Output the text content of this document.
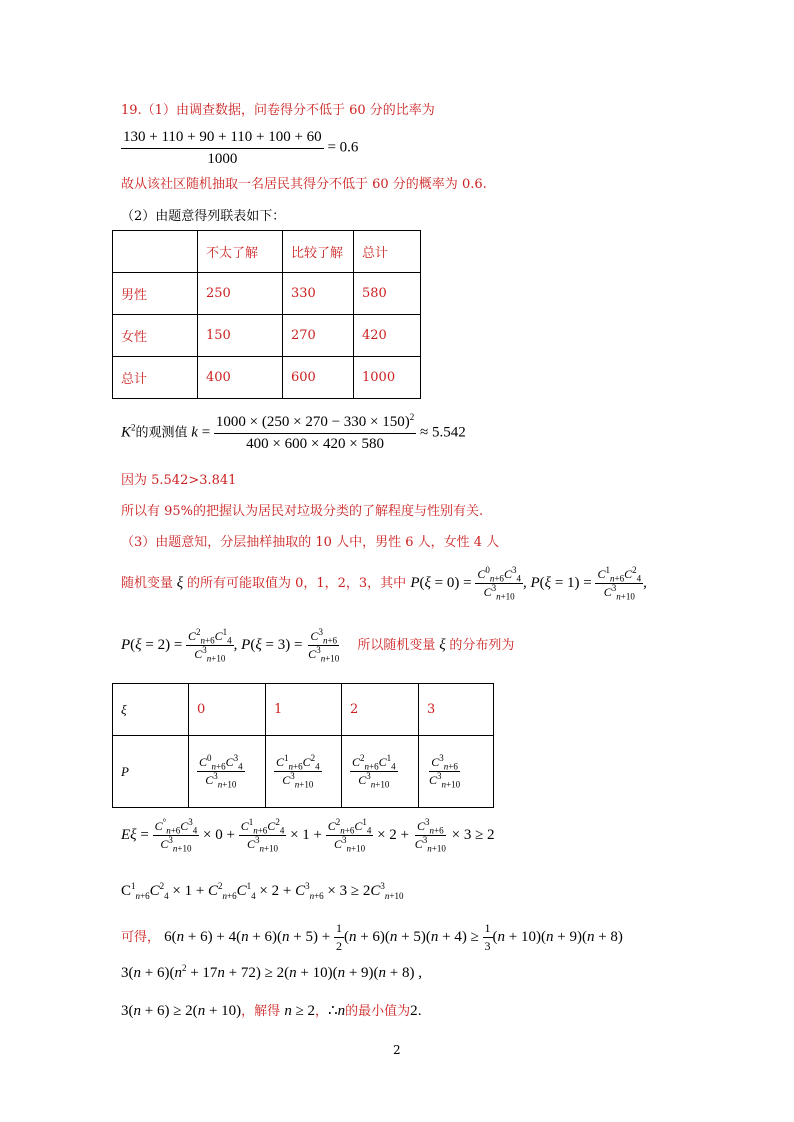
19.（1）由调查数据，问卷得分不低于 60 分的比率为
$\frac{130 + 110 + 90 + 110 + 100 + 60}{1000} = 0.6$
故从该社区随机抽取一名居民其得分不低于 60 分的概率为 0.6.
（2）由题意得列联表如下：
	不太了解	比较了解	总计
男性	250	330	580
女性	150	270	420
总计	400	600	1000
$K^2$的观测值 $k = \frac{1000 \times (250 \times 270 - 330 \times 150)^2}{400 \times 600 \times 420 \times 580} \approx 5.542$
因为 5.542>3.841
所以有 95%的把握认为居民对垃圾分类的了解程度与性别有关.
（3）由题意知，分层抽样抽取的 10 人中，男性 6 人，女性 4 人
随机变量 ξ 的所有可能取值为 0，1，2，3，其中 $P(\xi = 0) = \frac{C^0_{n+6}C^3_4}{C^3_{n+10}}$ , $P(\xi = 1) = \frac{C^1_{n+6}C^2_4}{C^3_{n+10}}$ ,
$P(\xi = 2) = \frac{C^2_{n+6}C^1_4}{C^3_{n+10}}$ , $P(\xi = 3) = \frac{C^3_{n+6}}{C^3_{n+10}}$ 所以随机变量 ξ 的分布列为
ξ	0	1	2	3
P	$\frac{C^0_{n+6}C^3_4}{C^3_{n+10}}$	$\frac{C^1_{n+6}C^2_4}{C^3_{n+10}}$	$\frac{C^2_{n+6}C^1_4}{C^3_{n+10}}$	$\frac{C^3_{n+6}}{C^3_{n+10}}$
$E\xi = \frac{C^\circ_{n+6}C^3_4}{C^3_{n+10}} \times 0 + \frac{C^1_{n+6}C^2_4}{C^3_{n+10}} \times 1 + \frac{C^2_{n+6}C^1_4}{C^3_{n+10}} \times 2 + \frac{C^3_{n+6}}{C^3_{n+10}} \times 3 \ge 2$
$C^1_{n+6}C^2_4 \times 1 + C^2_{n+6}C^1_4 \times 2 + C^3_{n+6} \times 3 \ge 2C^3_{n+10}$
可得， $6(n + 6) + 4(n + 6)(n + 5) + \frac{1}{2} (n + 6)(n + 5)(n + 4) \ge \frac{1}{3} (n + 10)(n + 9)(n + 8)$
$3(n + 6)(n^2 + 17n + 72) \ge 2(n + 10)(n + 9)(n + 8)$ ,
3(n + 6) ≥ 2(n + 10)，解得 n ≥ 2，∴n的最小值为2.
2
